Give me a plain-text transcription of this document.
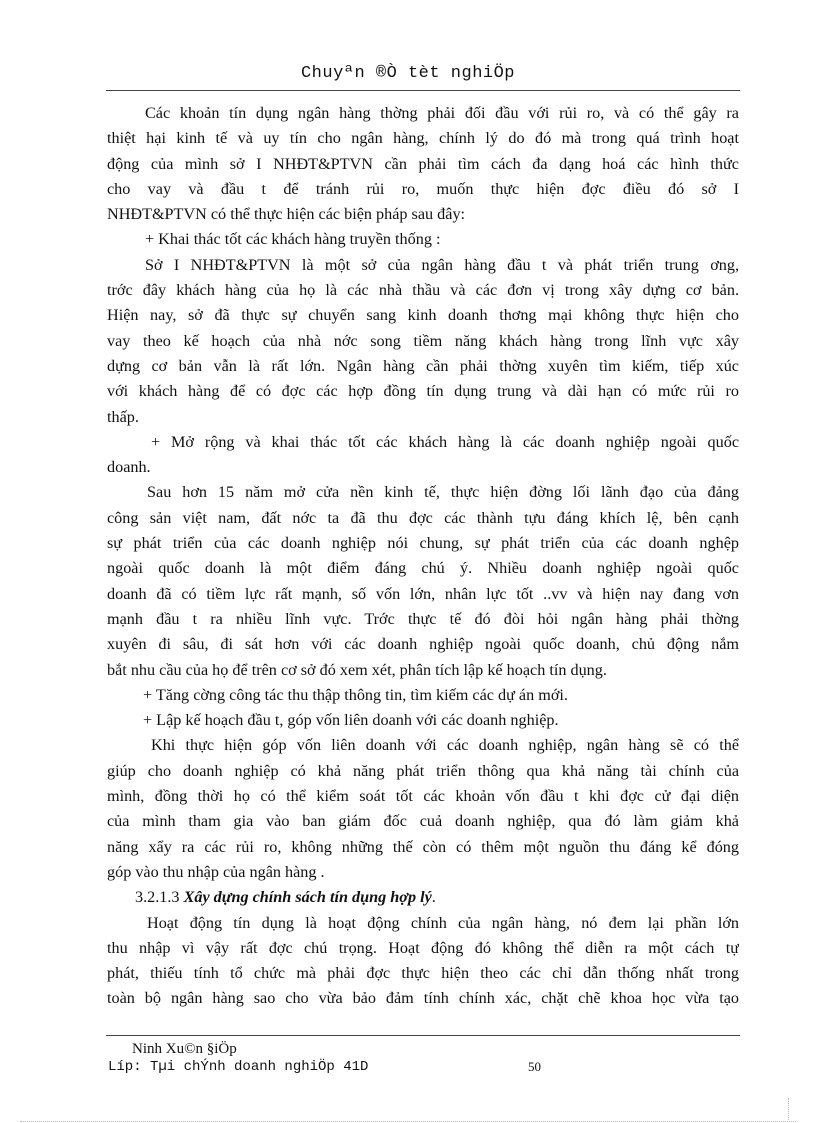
Chuyªn ®Ò tèt nghiÖp
Các khoản tín dụng ngân hàng thờng phải đối đầu với rủi ro, và có thể gây ra
thiệt hại kinh tế và uy tín cho ngân hàng, chính lý do đó mà trong quá trình hoạt
động của mình sở I NHĐT&PTVN cần phải tìm cách đa dạng hoá các hình thức
cho vay và đầu t để tránh rủi ro, muốn thực hiện đợc điều đó sở I
NHĐT&PTVN có thể thực hiện các biện pháp sau đây:
+ Khai thác tốt các khách hàng truyền thống :
Sở I NHĐT&PTVN là một sở của ngân hàng đầu t và phát triển trung ơng,
trớc đây khách hàng của họ là các nhà thầu và các đơn vị trong xây dựng cơ bản.
Hiện nay, sở đã thực sự chuyển sang kinh doanh thơng mại không thực hiện cho
vay theo kế hoạch của nhà nớc song tiềm năng khách hàng trong lĩnh vực xây
dựng cơ bản vẫn là rất lớn. Ngân hàng cần phải thờng xuyên tìm kiếm, tiếp xúc
với khách hàng để có đợc các hợp đồng tín dụng trung và dài hạn có mức rủi ro
thấp.
+ Mở rộng và khai thác tốt các khách hàng là các doanh nghiệp ngoài quốc
doanh.
Sau hơn 15 năm mở cửa nền kinh tế, thực hiện đờng lối lãnh đạo của đảng
công sản việt nam, đất nớc ta đã thu đợc các thành tựu đáng khích lệ, bên cạnh
sự phát triển của các doanh nghiệp nói chung, sự phát triển của các doanh nghệp
ngoài quốc doanh là một điểm đáng chú ý. Nhiều doanh nghiệp ngoài quốc
doanh đã có tiềm lực rất mạnh, số vốn lớn, nhân lực tốt ..vv và hiện nay đang vơn
mạnh đầu t ra nhiều lĩnh vực. Trớc thực tế đó đòi hỏi ngân hàng phải thờng
xuyên đi sâu, đi sát hơn với các doanh nghiệp ngoài quốc doanh, chủ động nắm
bắt nhu cầu của họ để trên cơ sở đó xem xét, phân tích lập kế hoạch tín dụng.
+ Tăng cờng công tác thu thập thông tin, tìm kiếm các dự án mới.
+ Lập kế hoạch đầu t, góp vốn liên doanh với các doanh nghiệp.
Khi thực hiện góp vốn liên doanh với các doanh nghiệp, ngân hàng sẽ có thể
giúp cho doanh nghiệp có khả năng phát triển thông qua khả năng tài chính của
mình, đồng thời họ có thể kiểm soát tốt các khoản vốn đầu t khi đợc cử đại diện
của mình tham gia vào ban giám đốc cuả doanh nghiệp, qua đó làm giảm khả
năng xẩy ra các rủi ro, không những thế còn có thêm một nguồn thu đáng kể đóng
góp vào thu nhập của ngân hàng .
3.2.1.3 Xây dựng chính sách tín dụng hợp lý.
Hoạt động tín dụng là hoạt động chính của ngân hàng, nó đem lại phần lớn
thu nhập vì vậy rất đợc chú trọng. Hoạt động đó không thể diễn ra một cách tự
phát, thiếu tính tổ chức mà phải đợc thực hiện theo các chỉ dẫn thống nhất trong
toàn bộ ngân hàng sao cho vừa bảo đảm tính chính xác, chặt chẽ khoa học vừa tạo
Ninh Xu©n §iÖp
Líp: Tµi chÝnh doanh nghiÖp 41D	50
